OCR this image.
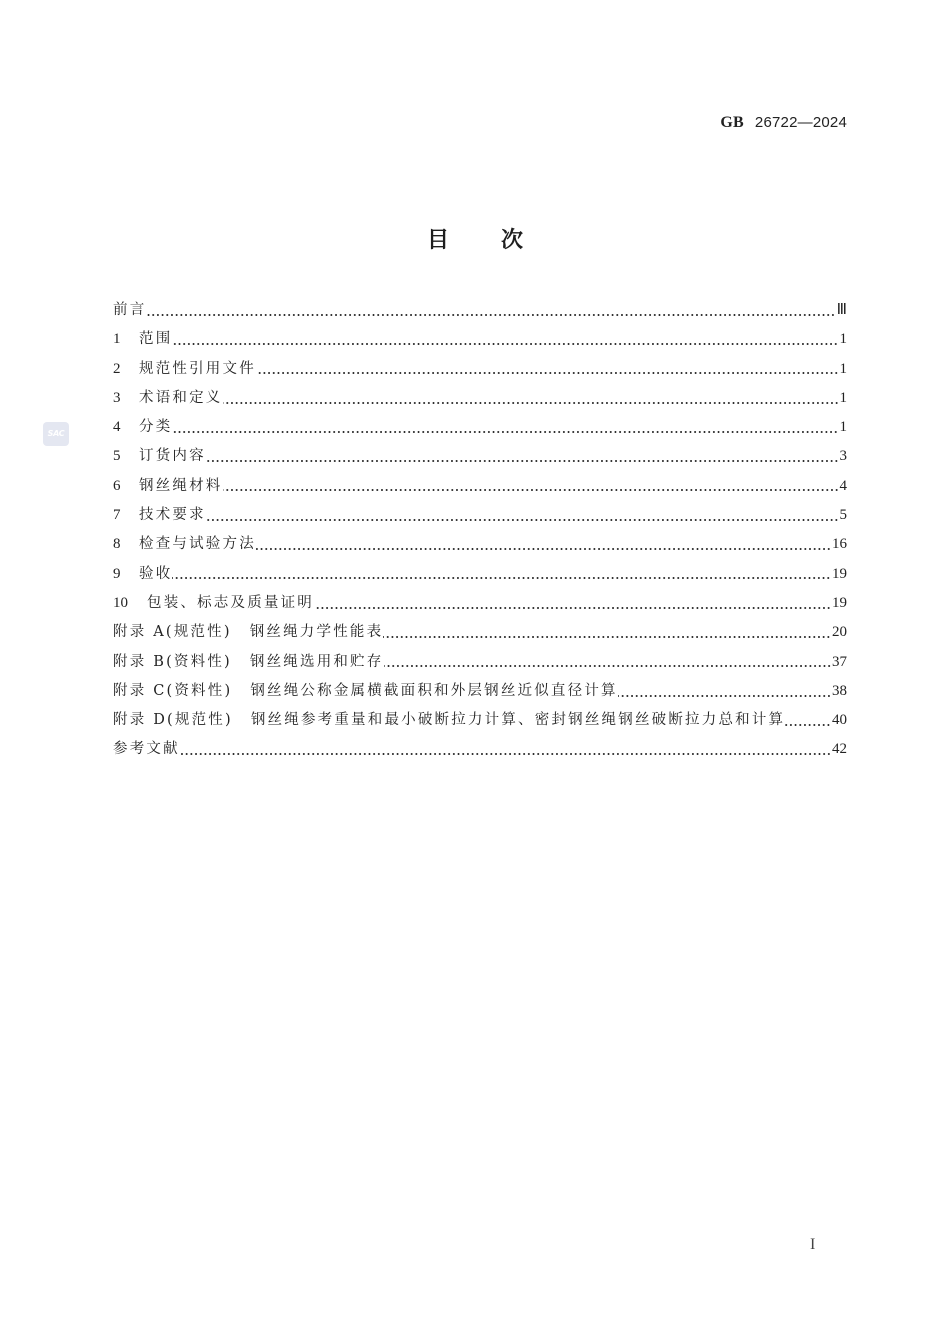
GB 26722—2024
目 次
SAC
前言	Ⅲ
1	范围	1
2	规范性引用文件	1
3	术语和定义	1
4	分类	1
5	订货内容	3
6	钢丝绳材料	4
7	技术要求	5
8	检查与试验方法	16
9	验收	19
10	包装、标志及质量证明	19
附录 A(规范性) 钢丝绳力学性能表	20
附录 B(资料性) 钢丝绳选用和贮存	37
附录 C(资料性) 钢丝绳公称金属横截面积和外层钢丝近似直径计算	38
附录 D(规范性) 钢丝绳参考重量和最小破断拉力计算、密封钢丝绳钢丝破断拉力总和计算	40
参考文献	42
I
